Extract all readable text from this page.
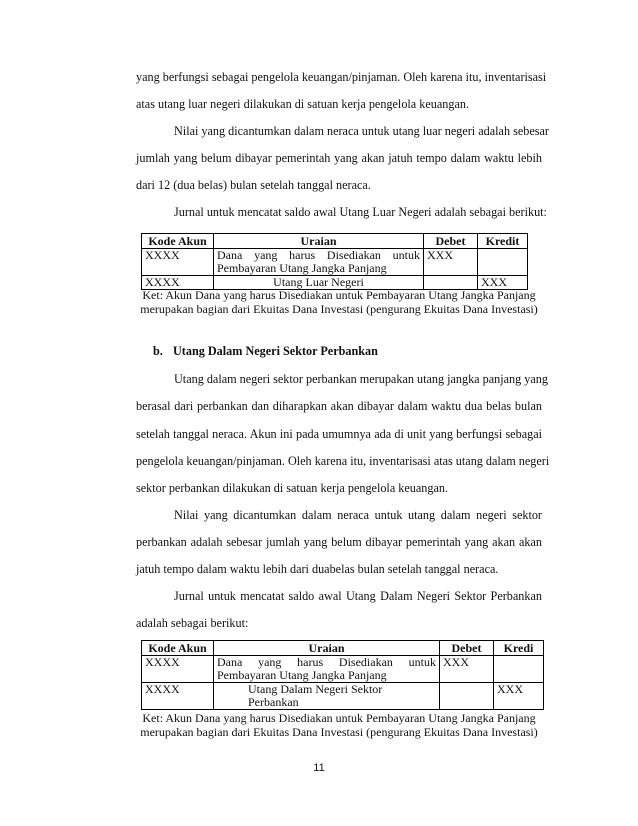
yang berfungsi sebagai pengelola keuangan/pinjaman. Oleh karena itu, inventarisasi
atas utang luar negeri dilakukan di satuan kerja pengelola keuangan.
Nilai yang dicantumkan dalam neraca untuk utang luar negeri adalah sebesar
jumlah yang belum dibayar pemerintah yang akan jatuh tempo dalam waktu lebih
dari 12 (dua belas) bulan setelah tanggal neraca.
Jurnal untuk mencatat saldo awal Utang Luar Negeri adalah sebagai berikut:
Kode Akun	Uraian	Debet	Kredit
XXXX	Dana yang harus Disediakan untuk
Pembayaran Utang Jangka Panjang	XXX	
XXXX	Utang Luar Negeri		XXX
Ket: Akun Dana yang harus Disediakan untuk Pembayaran Utang Jangka Panjang
merupakan bagian dari Ekuitas Dana Investasi (pengurang Ekuitas Dana Investasi)
b. Utang Dalam Negeri Sektor Perbankan
Utang dalam negeri sektor perbankan merupakan utang jangka panjang yang
berasal dari perbankan dan diharapkan akan dibayar dalam waktu dua belas bulan
setelah tanggal neraca. Akun ini pada umumnya ada di unit yang berfungsi sebagai
pengelola keuangan/pinjaman. Oleh karena itu, inventarisasi atas utang dalam negeri
sektor perbankan dilakukan di satuan kerja pengelola keuangan.
Nilai yang dicantumkan dalam neraca untuk utang dalam negeri sektor
perbankan adalah sebesar jumlah yang belum dibayar pemerintah yang akan akan
jatuh tempo dalam waktu lebih dari duabelas bulan setelah tanggal neraca.
Jurnal untuk mencatat saldo awal Utang Dalam Negeri Sektor Perbankan
adalah sebagai berikut:
Kode Akun	Uraian	Debet	Kredi
XXXX	Dana yang harus Disediakan untuk
Pembayaran Utang Jangka Panjang	XXX	
XXXX	Utang Dalam Negeri Sektor
Perbankan		XXX
Ket: Akun Dana yang harus Disediakan untuk Pembayaran Utang Jangka Panjang
merupakan bagian dari Ekuitas Dana Investasi (pengurang Ekuitas Dana Investasi)
11
